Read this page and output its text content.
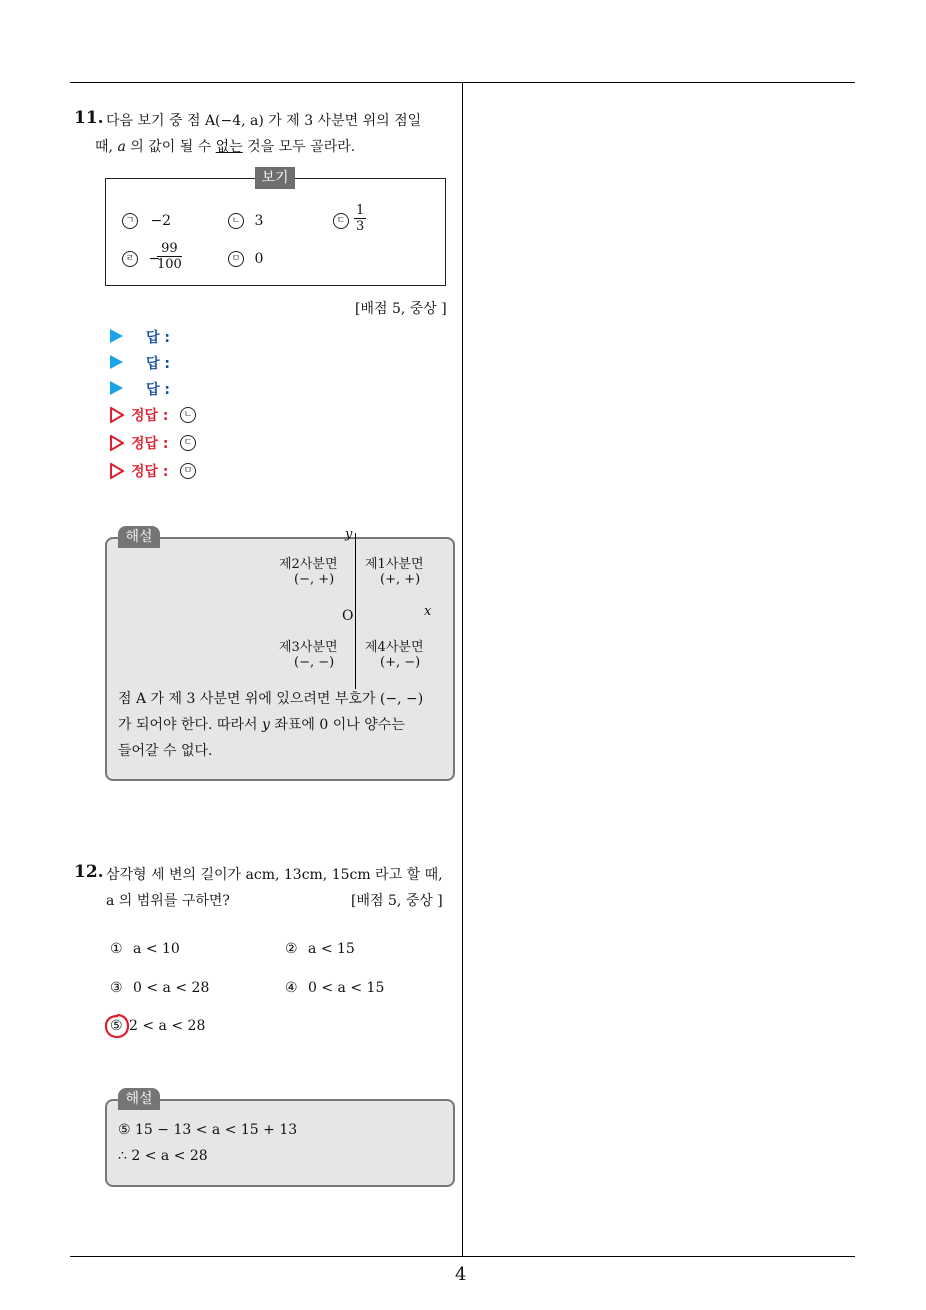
11. 다음 보기 중 점 A(−4, a) 가 제 3 사분면 위의 점일
때, a 의 값이 될 수 없는 것을 모두 골라라.
보기
ㄱ −2	ㄴ 3	ㄷ $\frac{1}{3}$
ㄹ −
$\frac{99}{100}$	ㅁ 0
[배점 5, 중상 ]
답 :
답 :
답 :
정답 :	ㄴ
정답 :	ㄷ
정답 :	ㅁ
해설	y
x
O
제2사분면
(−, +)
제1사분면
(+, +)
제3사분면
(−, −)
제4사분면
(+, −)
점 A 가 제 3 사분면 위에 있으려면 부호가 (−, −)
가 되어야 한다. 따라서 y 좌표에 0 이나 양수는
들어갈 수 없다.
12. 삼각형 세 변의 길이가 acm, 13cm, 15cm 라고 할 때,
a 의 범위를 구하면?	[배점 5, 중상 ]
① a < 10	② a < 15
③ 0 < a < 28	④ 0 < a < 15
⑤ 2 < a < 28
해설
⑤ 15 − 13 < a < 15 + 13
∴ 2 < a < 28
4
